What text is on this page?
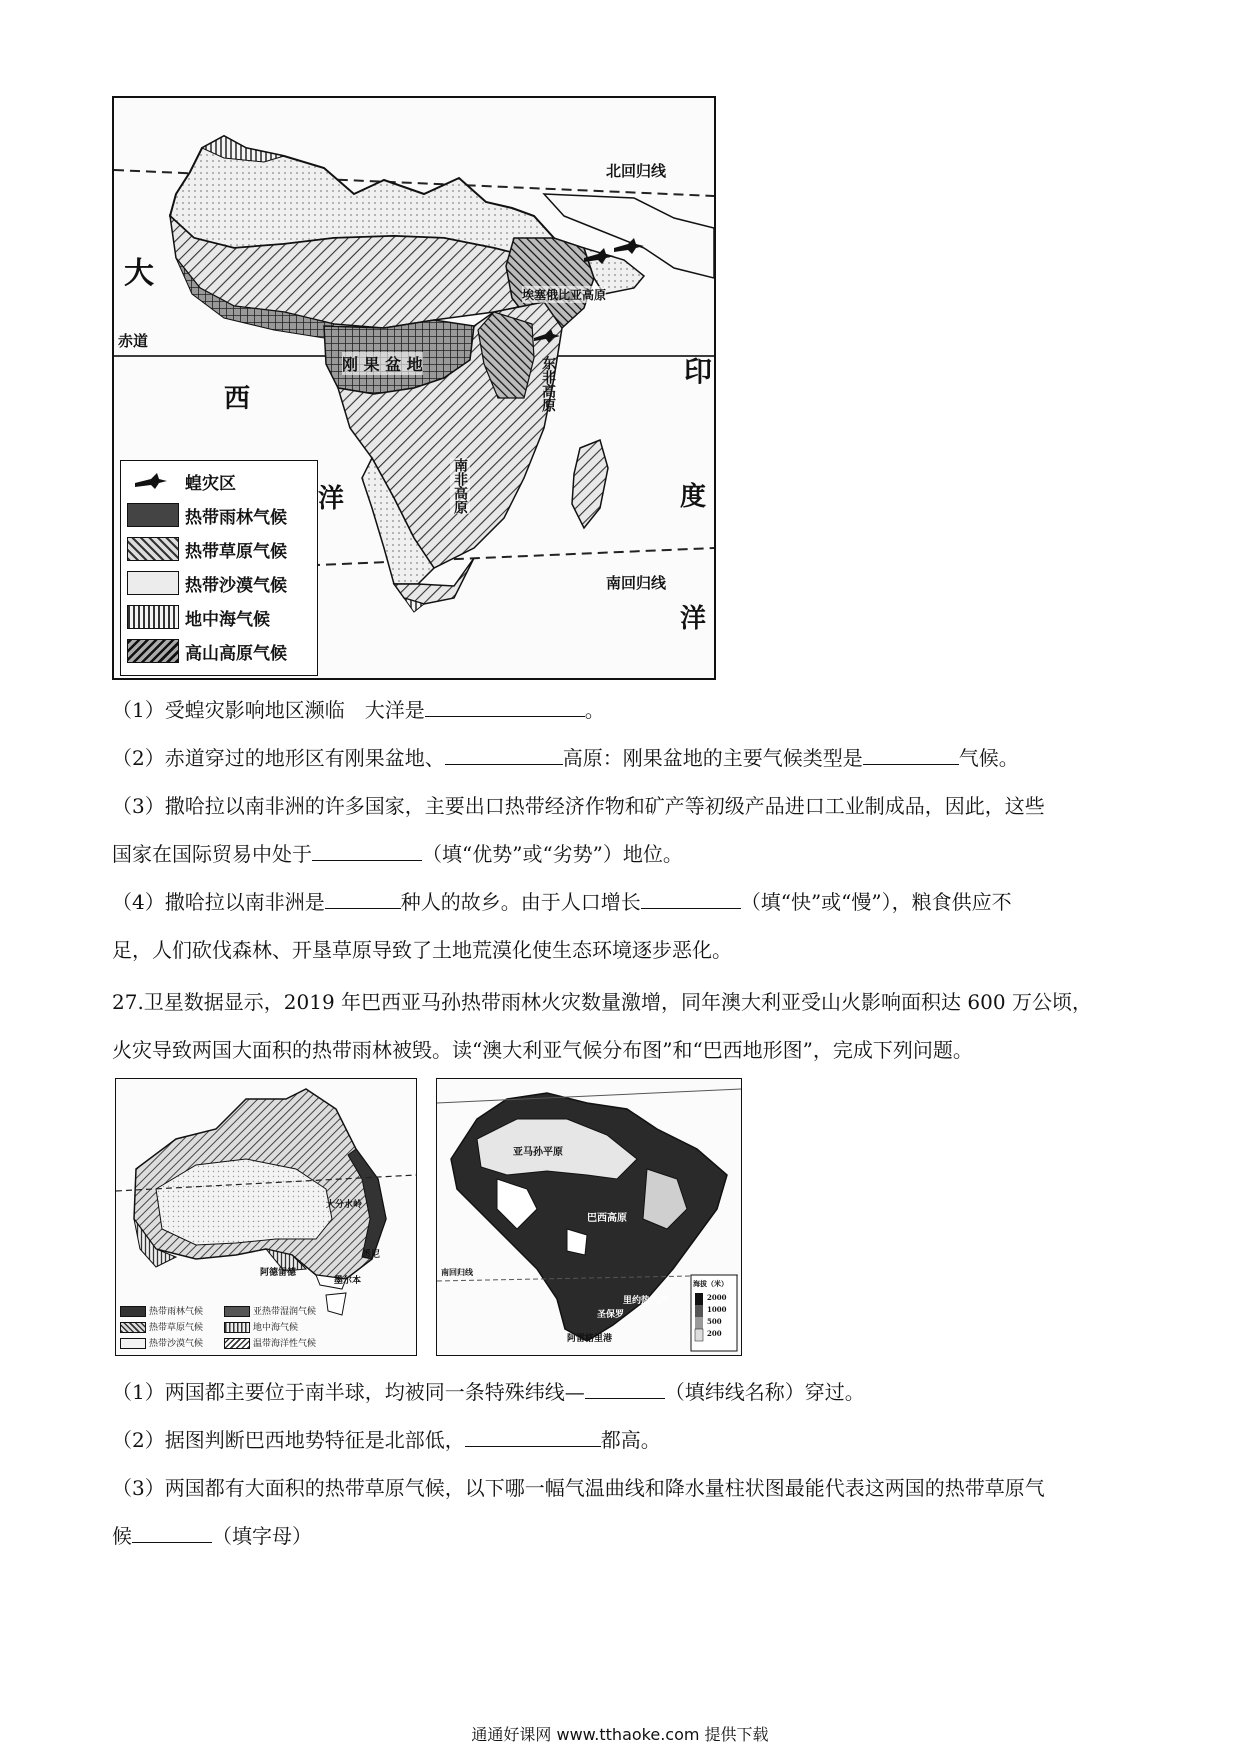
北回归线
赤道
南回归线
大
西
洋
印
度
洋
刚 果 盆 地	东非高原
南非高原
埃塞俄比亚高原
蝗灾区
热带雨林气候
热带草原气候
热带沙漠气候
地中海气候
高山高原气候
（1）受蝗灾影响地区濒临　大洋是	。
（2）赤道穿过的地形区有刚果盆地、	高原：刚果盆地的主要气候类型是	气候。
（3）撒哈拉以南非洲的许多国家，主要出口热带经济作物和矿产等初级产品进口工业制成品，因此，这些
国家在国际贸易中处于	（填“优势”或“劣势”）地位。
（4）撒哈拉以南非洲是	种人的故乡。由于人口增长	（填“快”或“慢”），粮食供应不
足，人们砍伐森林、开垦草原导致了土地荒漠化使生态环境逐步恶化。
27.卫星数据显示，2019 年巴西亚马孙热带雨林火灾数量激增，同年澳大利亚受山火影响面积达 600 万公顷，
火灾导致两国大面积的热带雨林被毁。读“澳大利亚气候分布图”和“巴西地形图”，完成下列问题。
大分水岭
悉尼
阿德雷德
墨尔本
热带雨林气候	亚热带湿润气候
热带草原气候	地中海气候
热带沙漠气候	温带海洋性气候
亚马孙平原
巴西高原
里约热内卢
圣保罗
阿雷格里港
南回归线
海拔（米）
2000
1000
500
200
（1）两国都主要位于南半球，均被同一条特殊纬线—	（填纬线名称）穿过。
（2）据图判断巴西地势特征是北部低，	都高。
（3）两国都有大面积的热带草原气候，以下哪一幅气温曲线和降水量柱状图最能代表这两国的热带草原气
候	（填字母）
通通好课网 www.tthaoke.com 提供下载
